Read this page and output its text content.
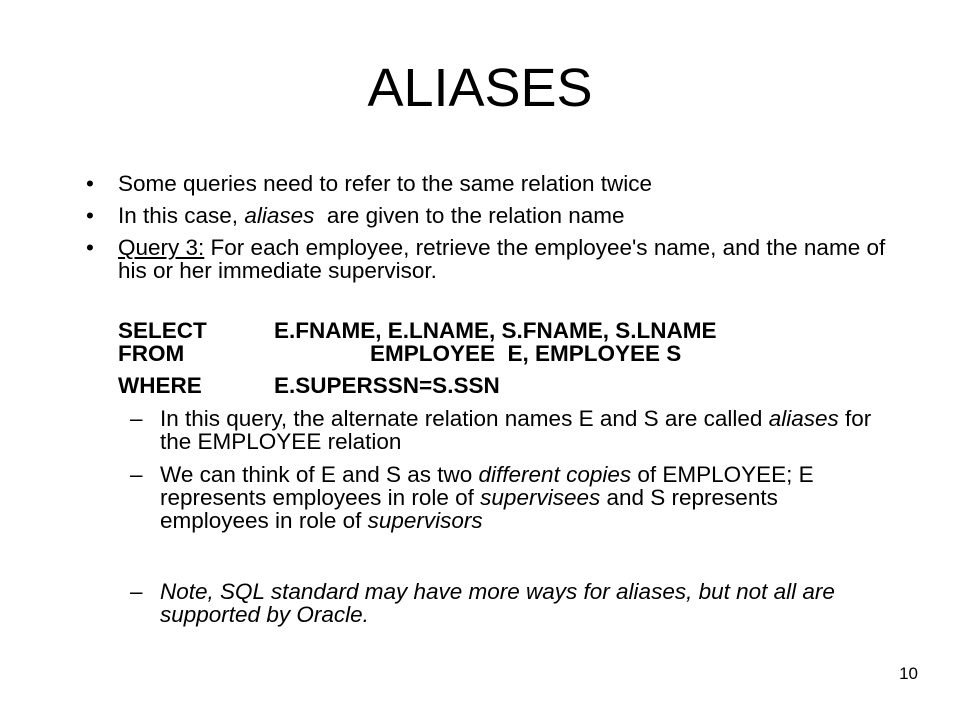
ALIASES
• Some queries need to refer to the same relation twice
• In this case, aliases  are given to the relation name
• Query 3: For each employee, retrieve the employee's name, and the name of his or her immediate supervisor.
SELECT	E.FNAME, E.LNAME, S.FNAME, S.LNAME
FROM	EMPLOYEE  E, EMPLOYEE S
WHERE	E.SUPERSSN=S.SSN
– In this query, the alternate relation names E and S are called aliases for the EMPLOYEE relation
– We can think of E and S as two different copies of EMPLOYEE; E represents employees in role of supervisees and S represents employees in role of supervisors
– Note, SQL standard may have more ways for aliases, but not all are supported by Oracle.
10
